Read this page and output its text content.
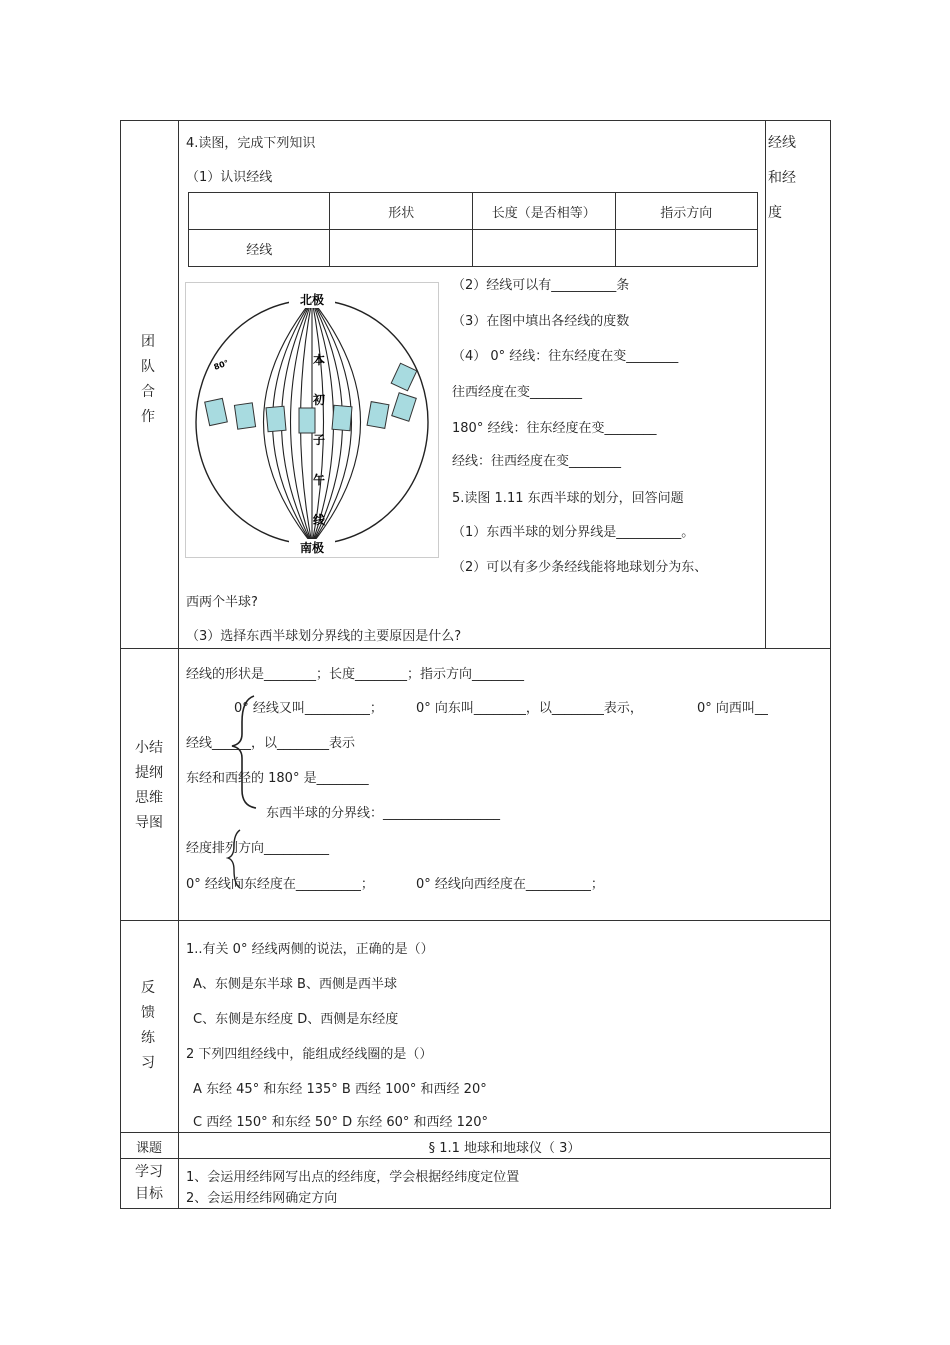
团
队
合
作
经线
和经
度
4.读图，完成下列知识
（1）认识经线
	形状	长度（是否相等）	指示方向
经线			
北极
南极
本
初
子
午
线
80°
（2）经线可以有__________条
（3）在图中填出各经线的度数
（4） 0° 经线：往东经度在变________
往西经度在变________
180° 经线：往东经度在变________
经线：往西经度在变________
5.读图 1.11 东西半球的划分，回答问题
（1）东西半球的划分界线是__________。
（2）可以有多少条经线能将地球划分为东、
西两个半球?
（3）选择东西半球划分界线的主要原因是什么?
小结
提纲
思维
导图
经线的形状是________；长度________；指示方向________
0° 经线又叫__________；	0° 向东叫________，以________表示，	0° 向西叫__
经线______，以________表示
东经和西经的 180° 是________
东西半球的分界线：__________________
经度排列方向__________
0° 经线向东经度在__________；	0° 经线向西经度在__________；
反
馈
练
习
1..有关 0° 经线两侧的说法，正确的是（）
A、东侧是东半球 B、西侧是西半球
C、东侧是东经度 D、西侧是东经度
2 下列四组经线中，能组成经线圈的是（）
A 东经 45° 和东经 135° B 西经 100° 和西经 20°
C 西经 150° 和东经 50° D 东经 60° 和西经 120°
课题	§ 1.1 地球和地球仪（ 3）
学习
目标
1、会运用经纬网写出点的经纬度，学会根据经纬度定位置
2、会运用经纬网确定方向
